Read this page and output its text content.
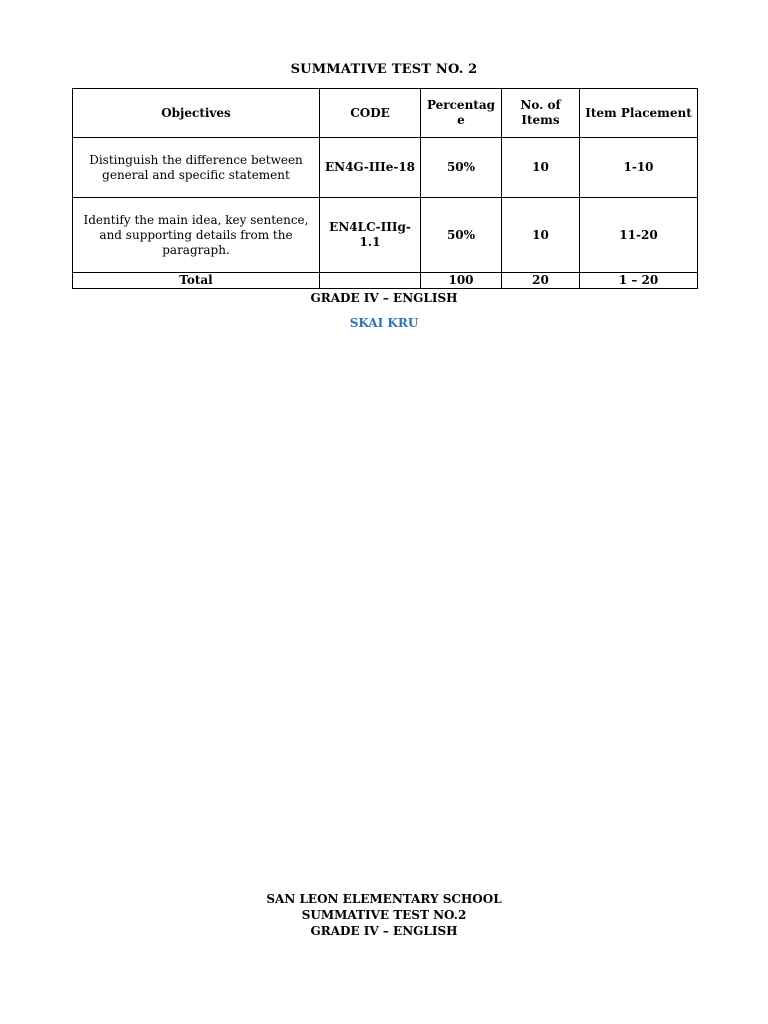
SUMMATIVE TEST NO. 2
Objectives	CODE	Percentag e	No. of Items	Item Placement
Distinguish the difference between general and specific statement	EN4G-IIIe-18	50%	10	1-10
Identify the main idea, key sentence, and supporting details from the paragraph.	EN4LC-IIIg-1.1	50%	10	11-20
Total		100	20	1 – 20
GRADE IV – ENGLISH
SKAI KRU
SAN LEON ELEMENTARY SCHOOL
SUMMATIVE TEST NO.2
GRADE IV – ENGLISH
